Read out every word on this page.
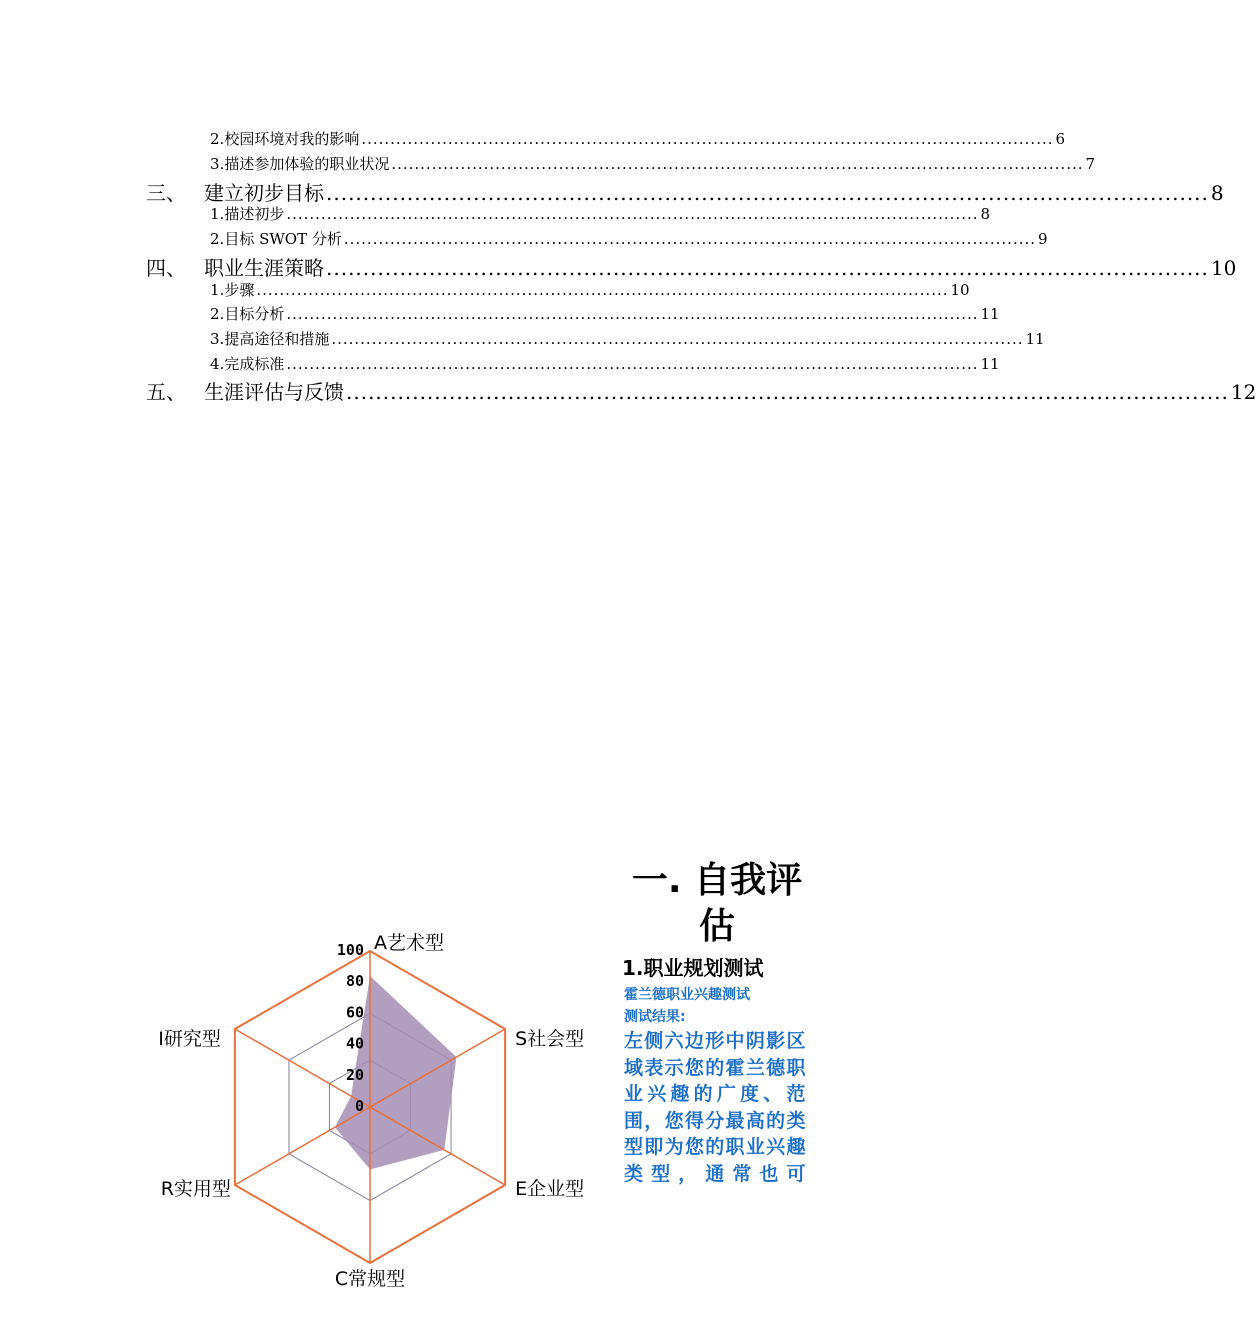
2. 校园环境对我的影响 ........................................................................................................................ 6
3. 描述参加体验的职业状况 ........................................................................................................................ 7
三、 建立初步目标 ........................................................................................................................ 8
1. 描述初步 ........................................................................................................................ 8
2. 目标 SWOT 分析 ........................................................................................................................ 9
四、 职业生涯策略 ........................................................................................................................ 10
1. 步骤 ........................................................................................................................ 10
2. 目标分析 ........................................................................................................................ 11
3. 提高途径和措施 ........................................................................................................................ 11
4. 完成标准 ........................................................................................................................ 11
五、 生涯评估与反馈 ........................................................................................................................ 12
0
20
40
60
80
100 A艺术型
S社会型
E企业型
C常规型
R实用型
I研究型
一. 自我评估
1.职业规划测试
霍兰德职业兴趣测试
测试结果:
左侧六边形中阴影区域表示您的霍兰德职业兴趣的广度、范围，您得分最高的类型即为您的职业兴趣类型，通常也可
